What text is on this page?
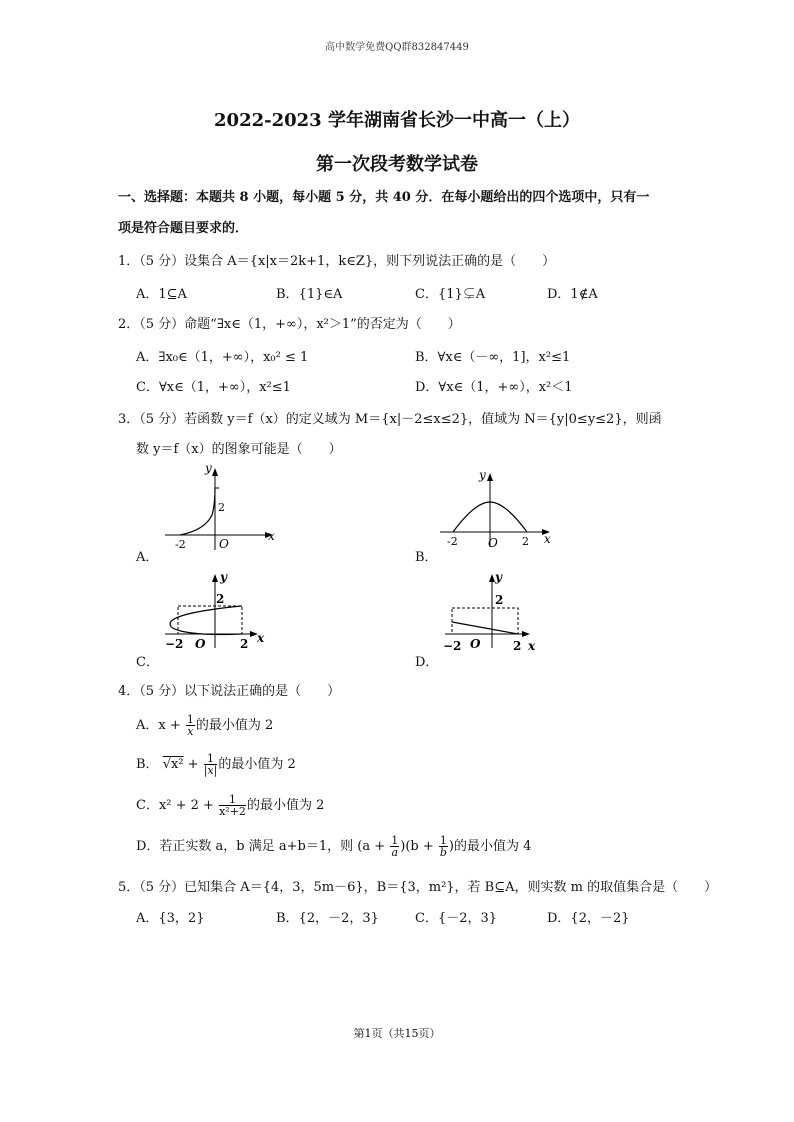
高中数学免费QQ群832847449
2022-2023 学年湖南省长沙一中高一（上）
第一次段考数学试卷
一、选择题：本题共 8 小题，每小题 5 分，共 40 分．在每小题给出的四个选项中，只有一
项是符合题目要求的．
1．（5 分）设集合 A＝{x|x＝2k+1，k∈Z}，则下列说法正确的是（　　）
A．1⊆A	B．{1}∈A	C．{1}⊊A	D．1∉A
2．（5 分）命题“∃x∈（1，+∞），x²＞1”的否定为（　　）
A．∃x₀∈（1，+∞），x₀² ≤ 1	B．∀x∈（－∞，1]，x²≤1
C．∀x∈（1，+∞），x²≤1	D．∀x∈（1，+∞），x²＜1
3．（5 分）若函数 y＝f（x）的定义域为 M＝{x|－2≤x≤2}，值域为 N＝{y|0≤y≤2}，则函
数 y＝f（x）的图象可能是（　　）
A．
y
x
2
-2	O
B．
y
x
-2	2
O
C．
y
x
2
−2 O	2
D．
y
x
2
−2 O	2
4．（5 分）以下说法正确的是（　　）
A．$x + \frac{1}{x}$ 的最小值为 2
B． $√x^2 + \frac{1}{|x|}$ 的最小值为 2
C．$x^2 + 2 + \frac{1}{\text{x²+2}}$ 的最小值为 2
D．若正实数 a，b 满足 a+b＝1，则 $(a + \frac{1}{a} )(b + \frac{1}{b}$ )的最小值为 4
5．（5 分）已知集合 A＝{4，3，5m－6}，B＝{3，m²}，若 B⊆A，则实数 m 的取值集合是（　　）
A．{3，2}	B．{2，－2，3}	C．{－2，3}	D．{2，－2}
第1页（共15页）
